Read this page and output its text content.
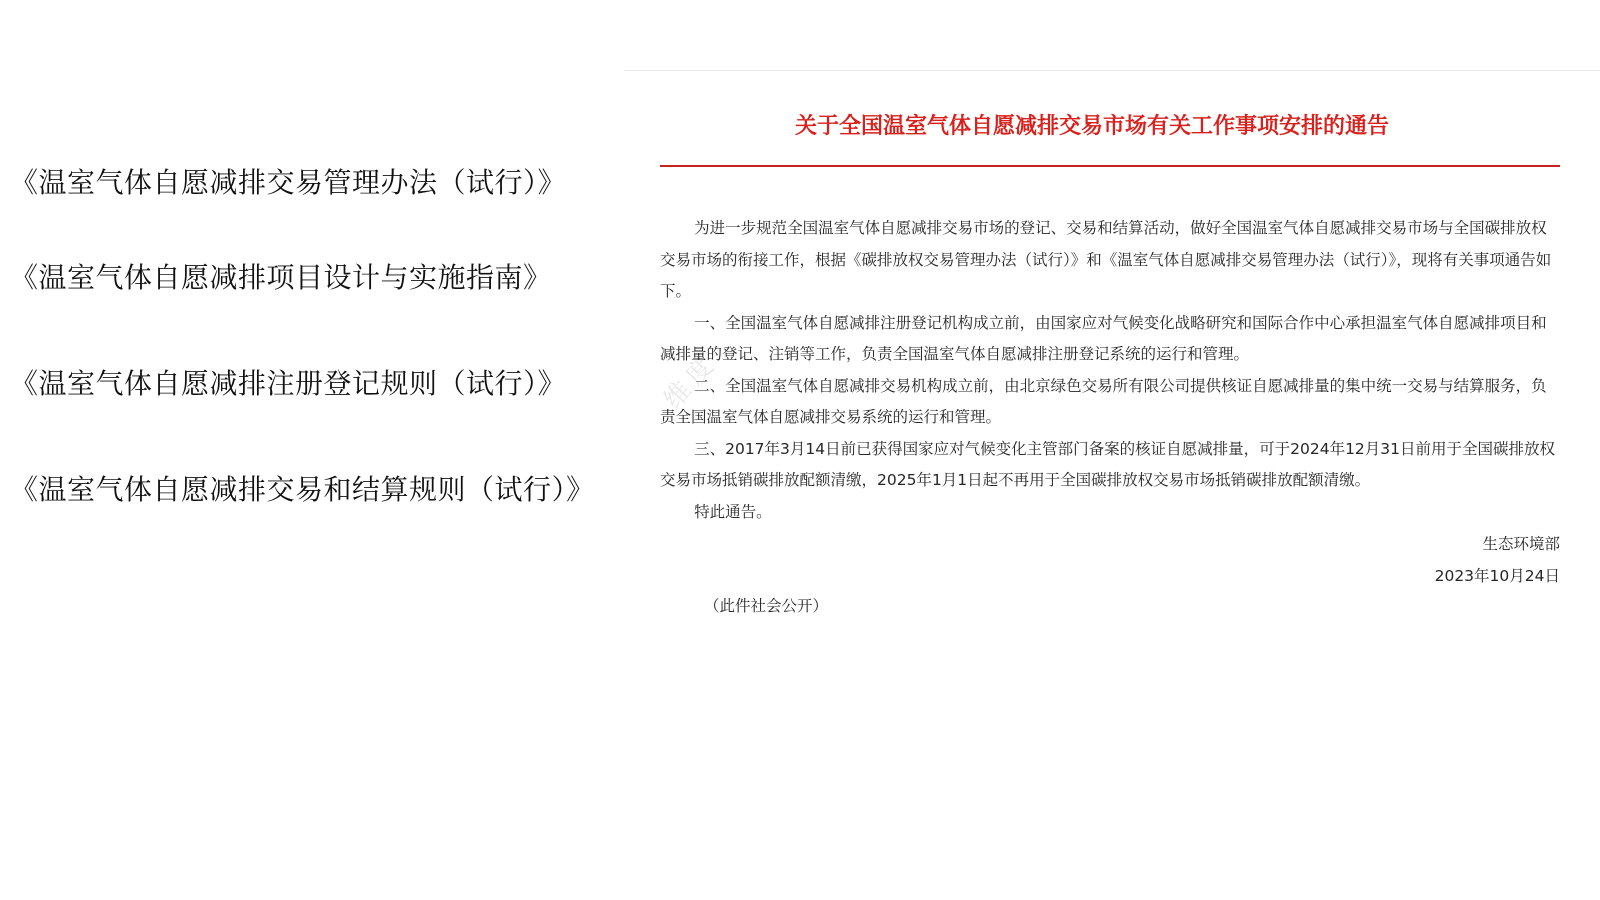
《温室气体自愿减排交易管理办法（试行）》
《温室气体自愿减排项目设计与实施指南》
《温室气体自愿减排注册登记规则（试行）》
《温室气体自愿减排交易和结算规则（试行）》
维度
关于全国温室气体自愿减排交易市场有关工作事项安排的通告

为进一步规范全国温室气体自愿减排交易市场的登记、交易和结算活动，做好全国温室气体自愿减排交易市场与全国碳排放权交易市场的衔接工作，根据《碳排放权交易管理办法（试行）》和《温室气体自愿减排交易管理办法（试行）》，现将有关事项通告如下。

一、全国温室气体自愿减排注册登记机构成立前，由国家应对气候变化战略研究和国际合作中心承担温室气体自愿减排项目和减排量的登记、注销等工作，负责全国温室气体自愿减排注册登记系统的运行和管理。

二、全国温室气体自愿减排交易机构成立前，由北京绿色交易所有限公司提供核证自愿减排量的集中统一交易与结算服务，负责全国温室气体自愿减排交易系统的运行和管理。

三、2017年3月14日前已获得国家应对气候变化主管部门备案的核证自愿减排量，可于2024年12月31日前用于全国碳排放权交易市场抵销碳排放配额清缴，2025年1月1日起不再用于全国碳排放权交易市场抵销碳排放配额清缴。

特此通告。

生态环境部
2023年10月24日
（此件社会公开）
